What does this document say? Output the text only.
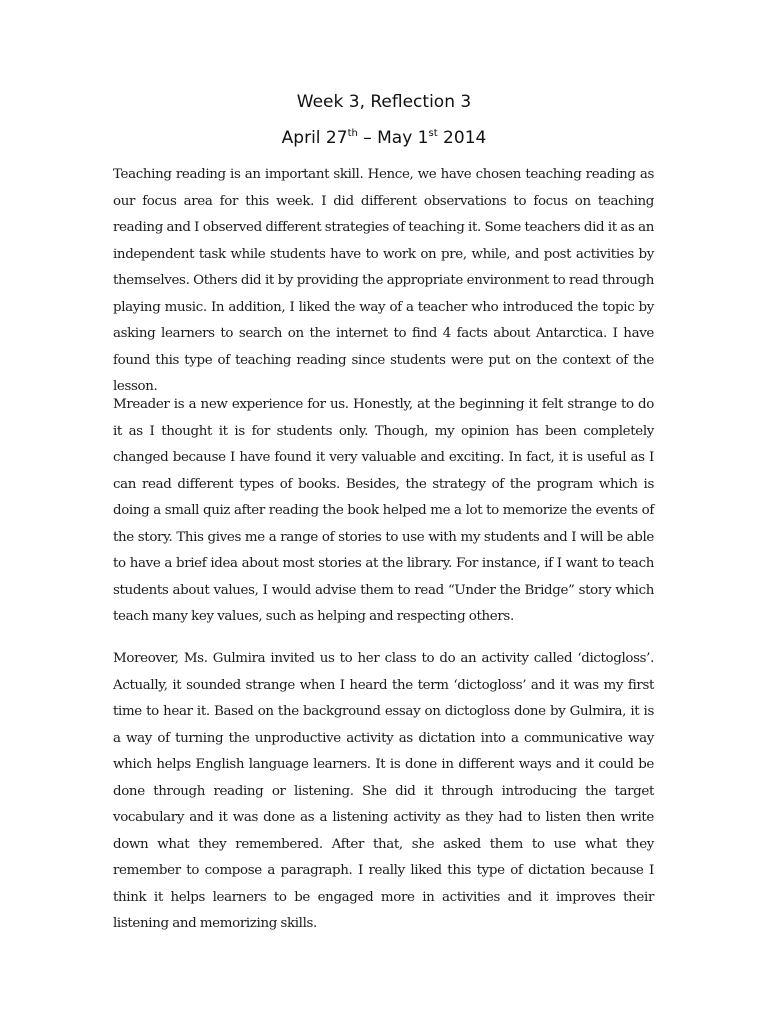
Week 3, Reflection 3
April 27th – May 1st 2014

Teaching reading is an important skill. Hence, we have chosen teaching reading as our focus area for this week. I did different observations to focus on teaching reading and I observed different strategies of teaching it. Some teachers did it as an independent task while students have to work on pre, while, and post activities by themselves. Others did it by providing the appropriate environment to read through playing music. In addition, I liked the way of a teacher who introduced the topic by asking learners to search on the internet to find 4 facts about Antarctica. I have found this type of teaching reading since students were put on the context of the lesson.

Mreader is a new experience for us. Honestly, at the beginning it felt strange to do it as I thought it is for students only. Though, my opinion has been completely changed because I have found it very valuable and exciting. In fact, it is useful as I can read different types of books. Besides, the strategy of the program which is doing a small quiz after reading the book helped me a lot to memorize the events of the story. This gives me a range of stories to use with my students and I will be able to have a brief idea about most stories at the library. For instance, if I want to teach students about values, I would advise them to read “Under the Bridge” story which teach many key values, such as helping and respecting others.

Moreover, Ms. Gulmira invited us to her class to do an activity called ‘dictogloss’. Actually, it sounded strange when I heard the term ‘dictogloss’ and it was my first time to hear it. Based on the background essay on dictogloss done by Gulmira, it is a way of turning the unproductive activity as dictation into a communicative way which helps English language learners. It is done in different ways and it could be done through reading or listening. She did it through introducing the target vocabulary and it was done as a listening activity as they had to listen then write down what they remembered. After that, she asked them to use what they remember to compose a paragraph. I really liked this type of dictation because I think it helps learners to be engaged more in activities and it improves their listening and memorizing skills.
